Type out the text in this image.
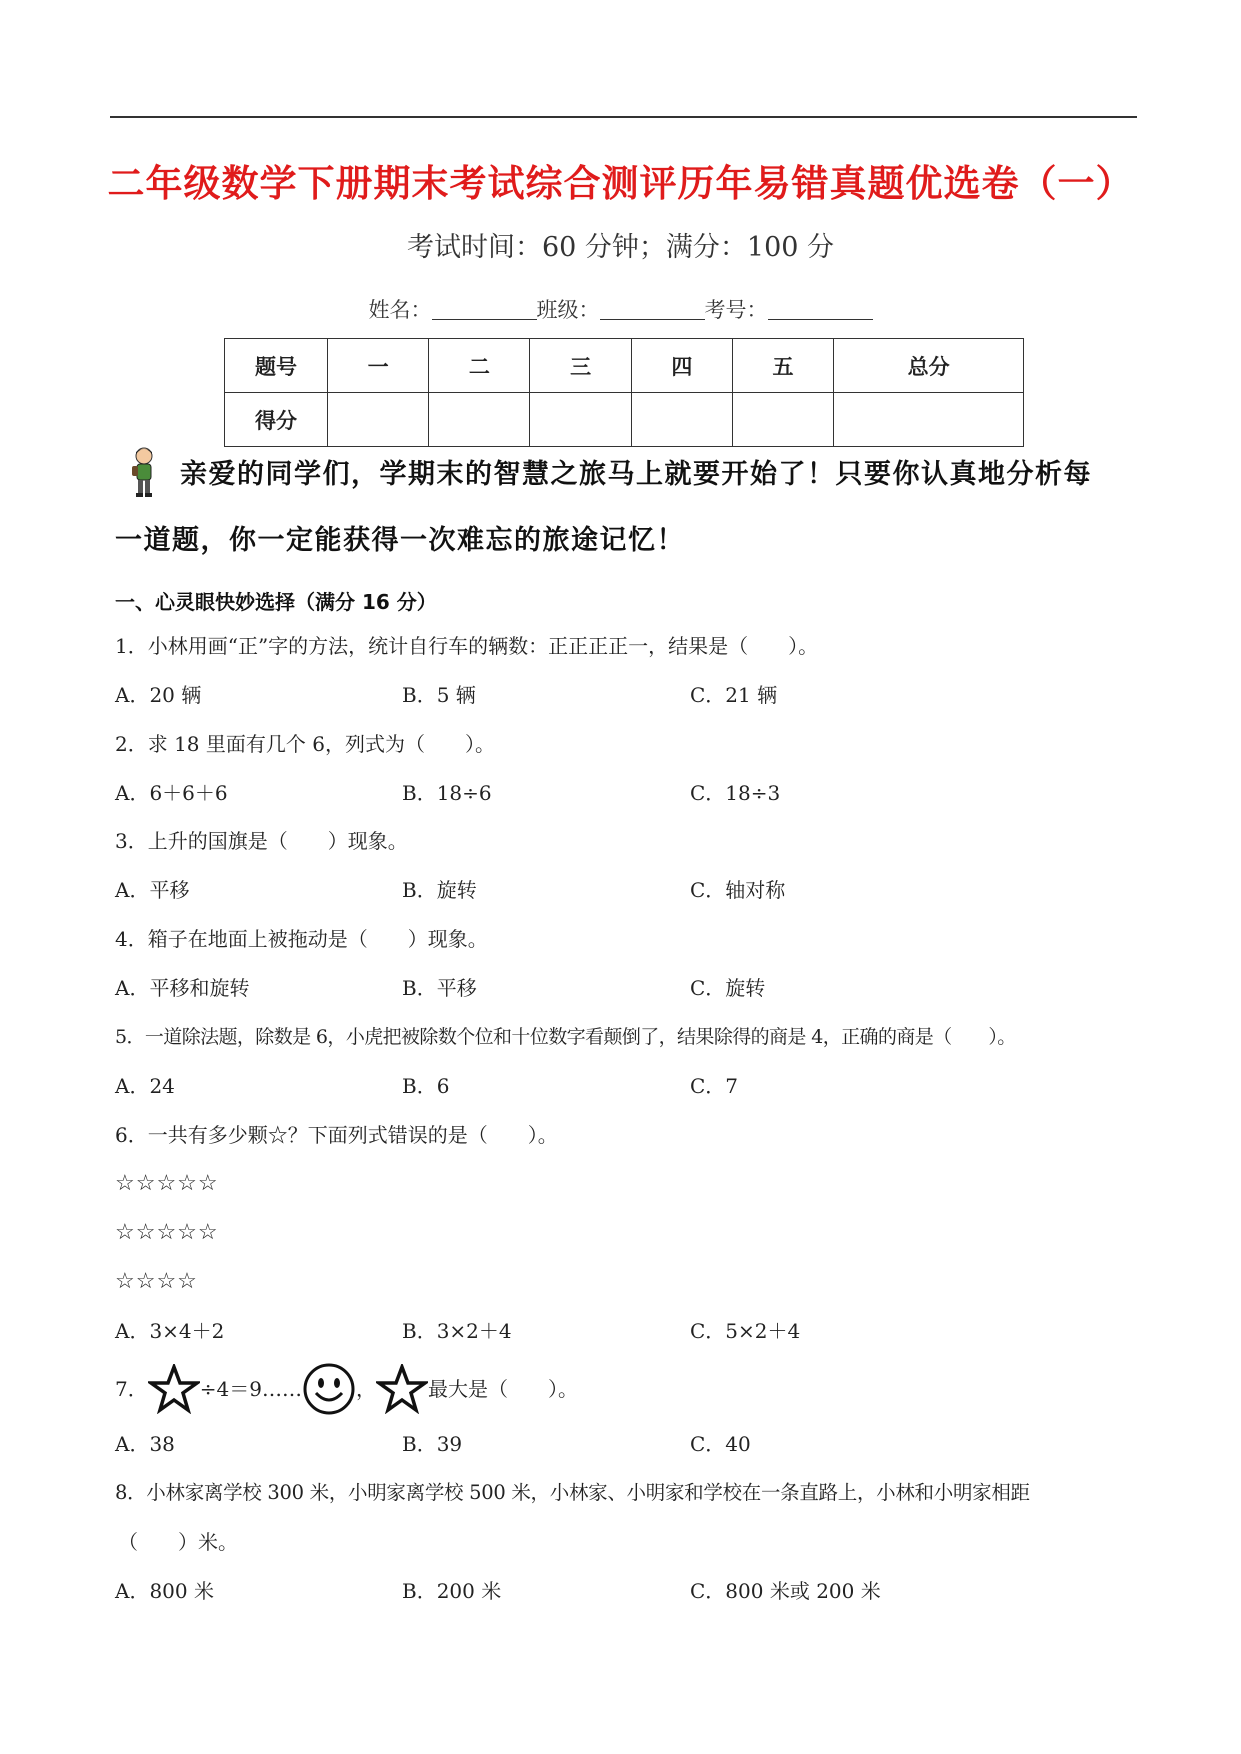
二年级数学下册期末考试综合测评历年易错真题优选卷（一）
考试时间：60 分钟；满分：100 分
姓名：	班级：	考号：
题号	一	二	三	四	五	总分
得分						
亲爱的同学们，学期末的智慧之旅马上就要开始了！只要你认真地分析每
一道题，你一定能获得一次难忘的旅途记忆！
一、心灵眼快妙选择（满分 16 分）
1．小林用画“正”字的方法，统计自行车的辆数：正正正正一，结果是（　　）。
A．20 辆	B．5 辆	C．21 辆
2．求 18 里面有几个 6，列式为（　　）。
A．6＋6＋6	B．18÷6	C．18÷3
3．上升的国旗是（　　）现象。
A．平移	B．旋转	C．轴对称
4．箱子在地面上被拖动是（　　）现象。
A．平移和旋转	B．平移	C．旋转
5．一道除法题，除数是 6，小虎把被除数个位和十位数字看颠倒了，结果除得的商是 4，正确的商是（　　）。
A．24	B．6	C．7
6．一共有多少颗☆？下面列式错误的是（　　）。
☆☆☆☆☆
☆☆☆☆☆
☆☆☆☆
A．3×4＋2	B．3×2＋4	C．5×2＋4
7．	÷4＝9……	，	最大是（　　）。
A．38	B．39	C．40
8．小林家离学校 300 米，小明家离学校 500 米，小林家、小明家和学校在一条直路上，小林和小明家相距
（　　）米。
A．800 米	B．200 米	C．800 米或 200 米
